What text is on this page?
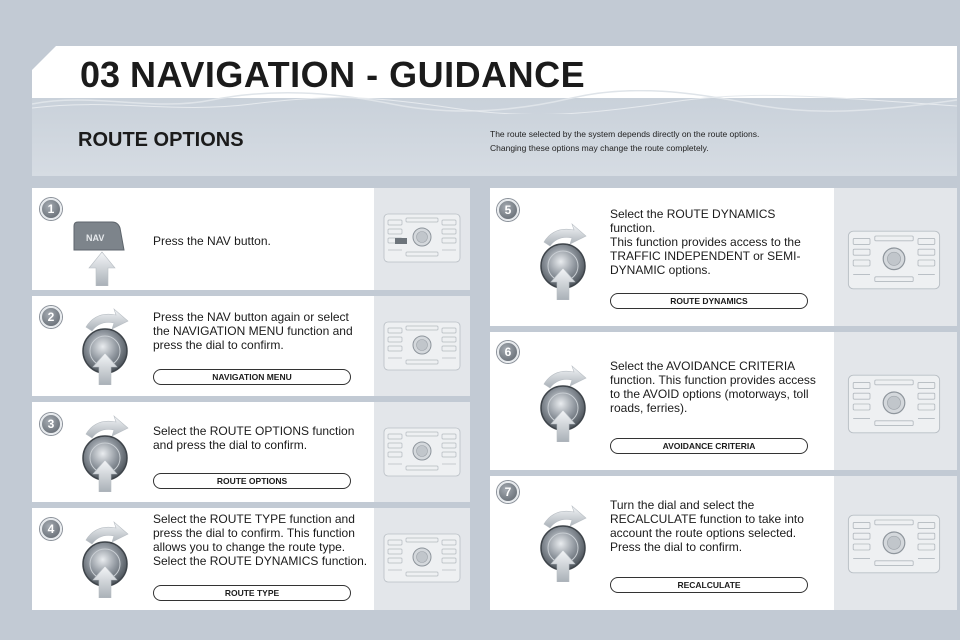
03 NAVIGATION - GUIDANCE
ROUTE OPTIONS	The route selected by the system depends directly on the route options.

Changing these options may change the route completely.

1
NAV	Press the NAV button.
2	Press the NAV button again or select the NAVIGATION MENU function and press the dial to confirm.
NAVIGATION MENU
3	Select the ROUTE OPTIONS function and press the dial to confirm.
ROUTE OPTIONS
4
Select the ROUTE TYPE function and press the dial to confirm. This function allows you to change the route type. Select the ROUTE DYNAMICS function.
ROUTE TYPE
5	Select the ROUTE DYNAMICS function.
This function provides access to the TRAFFIC INDEPENDENT or SEMI-DYNAMIC options.
ROUTE DYNAMICS
6
Select the AVOIDANCE CRITERIA function. This function provides access to the AVOID options (motorways, toll roads, ferries).
AVOIDANCE CRITERIA
7
Turn the dial and select the RECALCULATE function to take into account the route options selected. Press the dial to confirm.
RECALCULATE
